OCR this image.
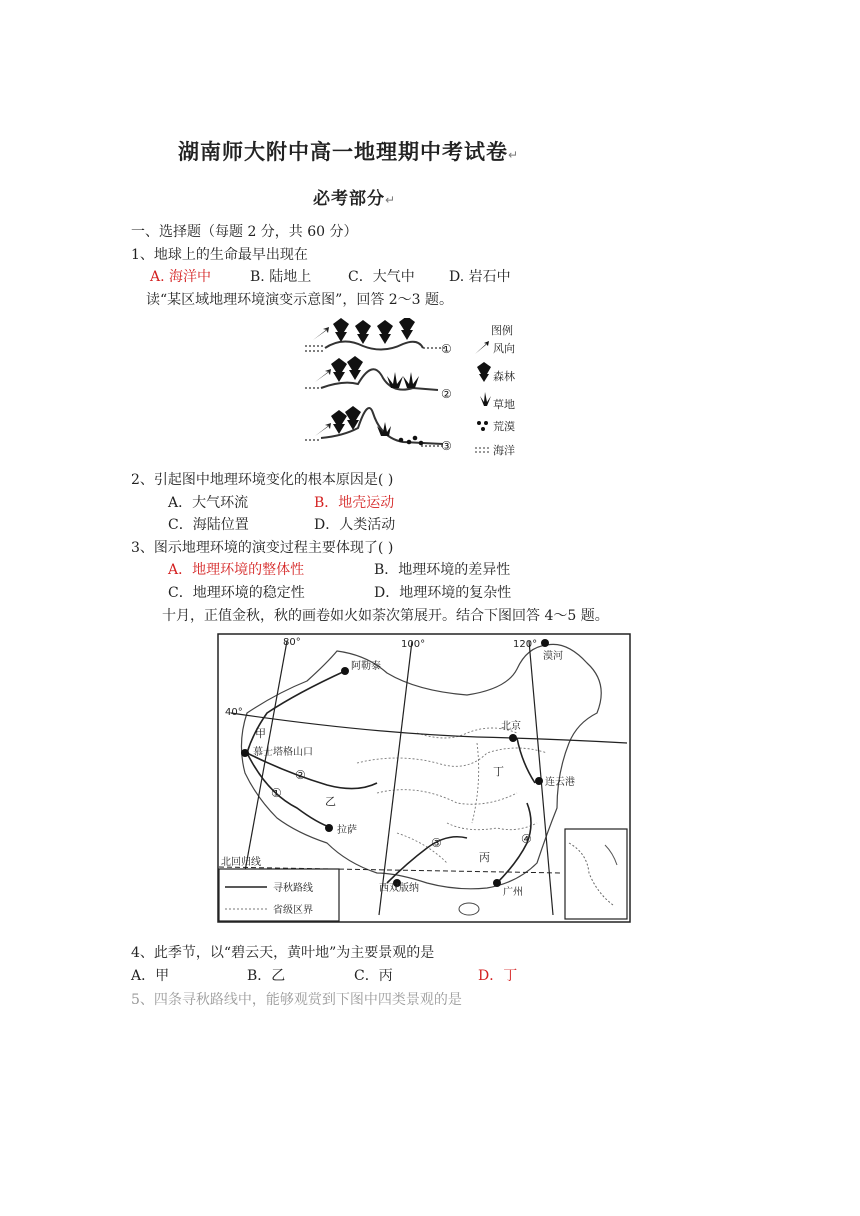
湖南师大附中高一地理期中考试卷↵
必考部分↵
一、选择题（每题 2 分，共 60 分）
1、地球上的生命最早出现在
A. 海洋中	B. 陆地上	C．大气中 D. 岩石中
读“某区域地理环境演变示意图”，回答 2～3 题。
①
②
③
图例
风向
森林
草地
荒漠
海洋
2、引起图中地理环境变化的根本原因是( )
A．大气环流	B．地壳运动
C．海陆位置	D．人类活动
3、图示地理环境的演变过程主要体现了( )
A．地理环境的整体性	B．地理环境的差异性
C．地理环境的稳定性	D．地理环境的复杂性
十月，正值金秋，秋的画卷如火如荼次第展开。结合下图回答 4～5 题。
80°	100°	120°
40°
北回归线
寻秋路线
省级区界
阿勒泰
漠河
北京
甲
慕士塔格山口
丁
连云港
乙
拉萨
丙
西双版纳	广州
①
②
③	④
4、此季节，以“碧云天，黄叶地”为主要景观的是
A．甲	B．乙	C．丙	D．丁
5、四条寻秋路线中，能够观赏到下图中四类景观的是
